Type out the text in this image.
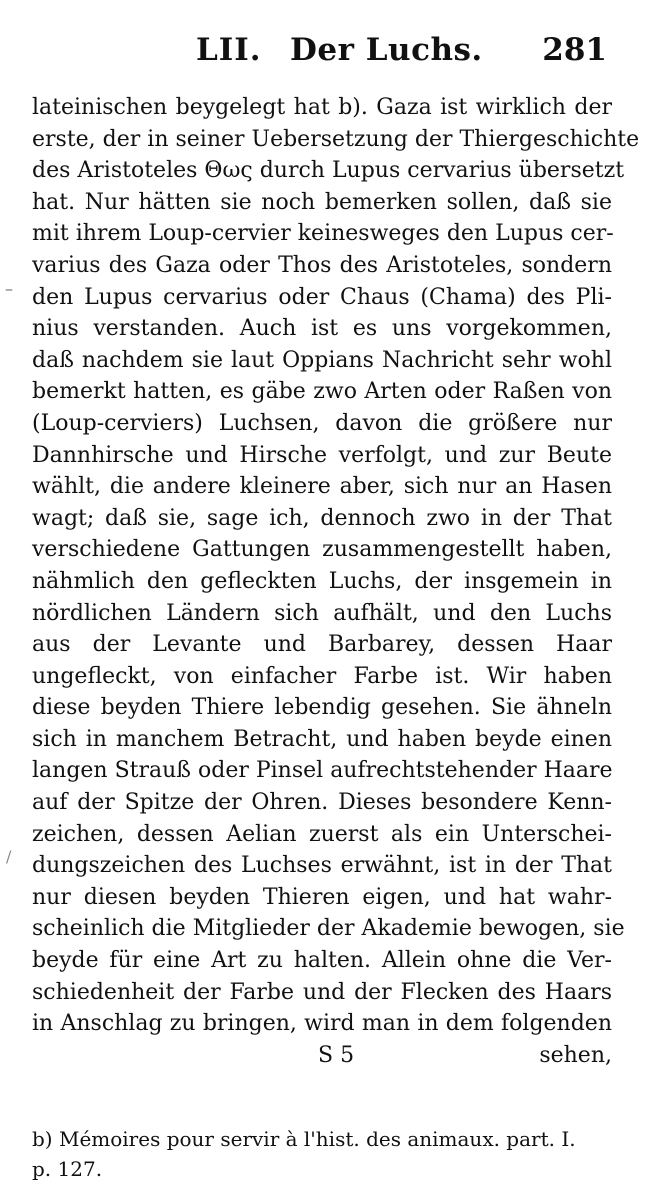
–
/
LII. Der Luchs. 281
lateinischen beygelegt hat b). Gaza ist wirklich der
erste, der in seiner Uebersetzung der Thiergeschichte
des Aristoteles Θως durch Lupus cervarius übersetzt
hat. Nur hätten sie noch bemerken sollen, daß sie
mit ihrem Loup-cervier keinesweges den Lupus cer-
varius des Gaza oder Thos des Aristoteles, sondern
den Lupus cervarius oder Chaus (Chama) des Pli-
nius verstanden. Auch ist es uns vorgekommen,
daß nachdem sie laut Oppians Nachricht sehr wohl
bemerkt hatten, es gäbe zwo Arten oder Raßen von
(Loup-cerviers) Luchsen, davon die größere nur
Dannhirsche und Hirsche verfolgt, und zur Beute
wählt, die andere kleinere aber, sich nur an Hasen
wagt; daß sie, sage ich, dennoch zwo in der That
verschiedene Gattungen zusammengestellt haben,
nähmlich den gefleckten Luchs, der insgemein in
nördlichen Ländern sich aufhält, und den Luchs
aus der Levante und Barbarey, dessen Haar
ungefleckt, von einfacher Farbe ist. Wir haben
diese beyden Thiere lebendig gesehen. Sie ähneln
sich in manchem Betracht, und haben beyde einen
langen Strauß oder Pinsel aufrechtstehender Haare
auf der Spitze der Ohren. Dieses besondere Kenn-
zeichen, dessen Aelian zuerst als ein Unterschei-
dungszeichen des Luchses erwähnt, ist in der That
nur diesen beyden Thieren eigen, und hat wahr-
scheinlich die Mitglieder der Akademie bewogen, sie
beyde für eine Art zu halten. Allein ohne die Ver-
schiedenheit der Farbe und der Flecken des Haars
in Anschlag zu bringen, wird man in dem folgenden
S 5	sehen,
b) Mémoires pour servir à l'hist. des animaux. part. I.
p. 127.
